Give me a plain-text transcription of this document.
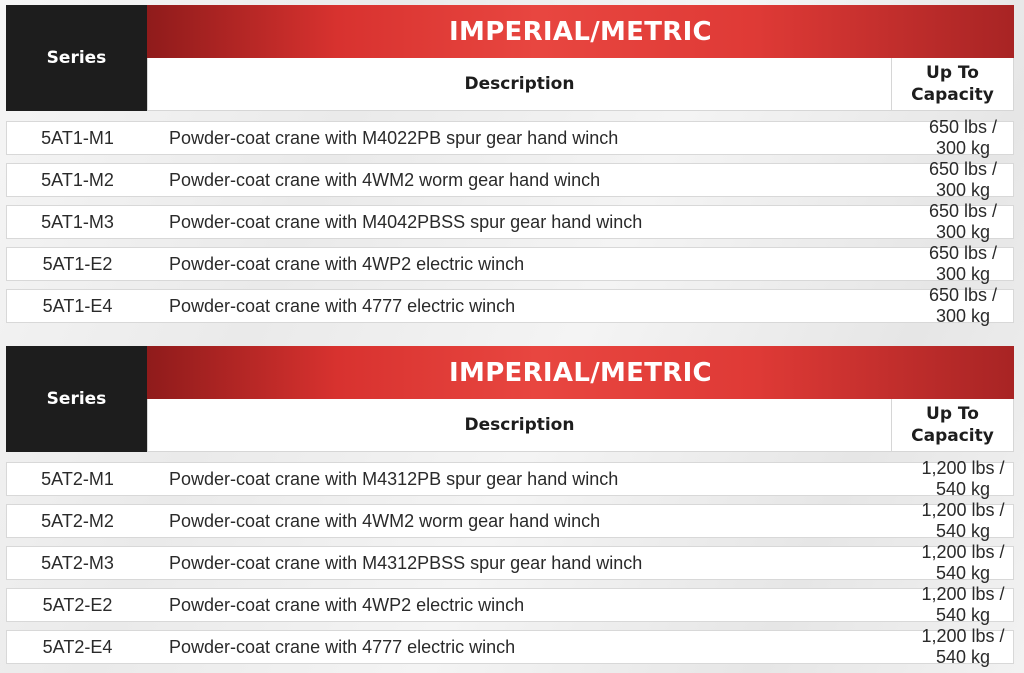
Series
IMPERIAL/METRIC
Description
Up To
Capacity
5AT1-M1	Powder-coat crane with M4022PB spur gear hand winch
650 lbs / 300 kg
5AT1-M2	Powder-coat crane with 4WM2 worm gear hand winch
650 lbs / 300 kg
5AT1-M3	Powder-coat crane with M4042PBSS spur gear hand winch
650 lbs / 300 kg
5AT1-E2	Powder-coat crane with 4WP2 electric winch
650 lbs / 300 kg
5AT1-E4	Powder-coat crane with 4777 electric winch
650 lbs / 300 kg
Series
IMPERIAL/METRIC
Description
Up To
Capacity
5AT2-M1	Powder-coat crane with M4312PB spur gear hand winch
1,200 lbs / 540 kg
5AT2-M2	Powder-coat crane with 4WM2 worm gear hand winch
1,200 lbs / 540 kg
5AT2-M3	Powder-coat crane with M4312PBSS spur gear hand winch
1,200 lbs / 540 kg
5AT2-E2	Powder-coat crane with 4WP2 electric winch
1,200 lbs / 540 kg
5AT2-E4	Powder-coat crane with 4777 electric winch
1,200 lbs / 540 kg
